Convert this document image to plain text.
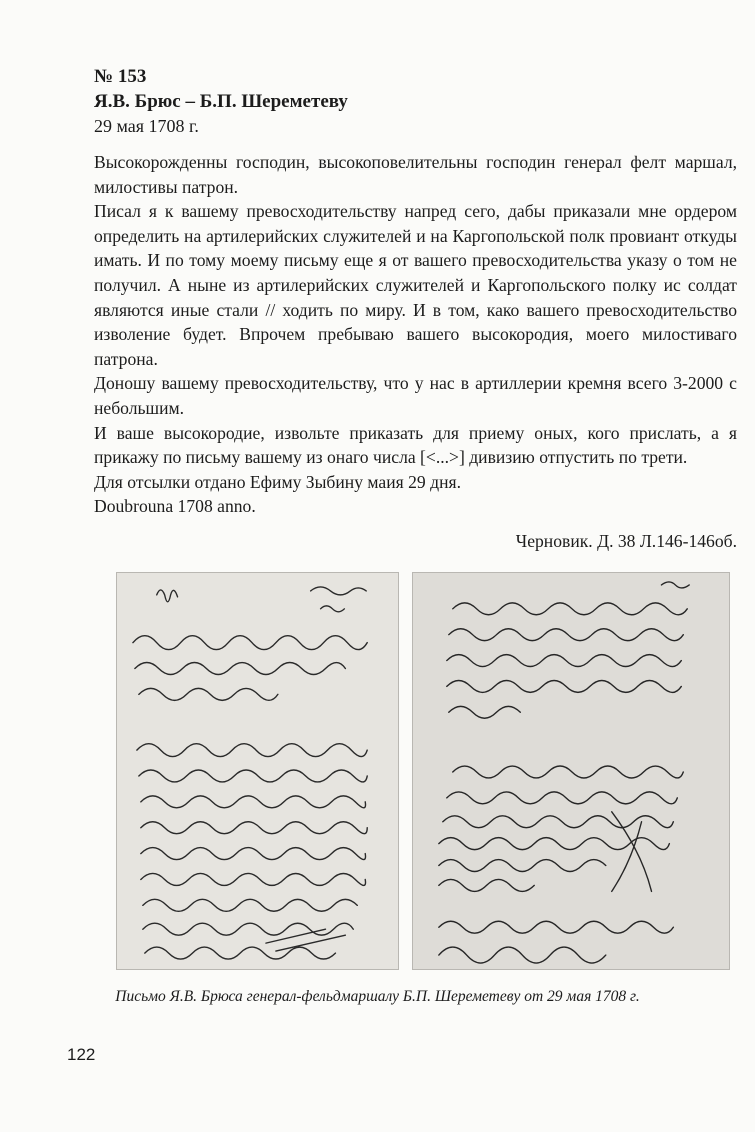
№ 153
Я.В. Брюс – Б.П. Шереметеву
29 мая 1708 г.

Высокорожденны господин, высокоповелительны господин генерал фелт маршал, милостивы патрон.

Писал я к вашему превосходительству напред сего, дабы приказали мне ордером определить на артилерийских служителей и на Каргопольской полк провиант откуды имать. И по тому моему письму еще я от вашего превосходительства указу о том не получил. А ныне из артилерийских служителей и Каргопольского полку ис солдат являются иные стали // ходить по миру. И в том, како вашего превосходительство изволение будет. Впрочем пребываю вашего высокородия, моего милостиваго патрона.

Доношу вашему превосходительству, что у нас в артиллерии кремня всего 3-2000 с небольшим.

И ваше высокородие, извольте приказать для приему оных, кого прислать, а я прикажу по письму вашему из онаго числа [<...>] дивизию отпустить по трети.

Для отсылки отдано Ефиму Зыбину маия 29 дня.

Doubrouna 1708 anno.

Черновик. Д. 38 Л.146-146об.
Письмо Я.В. Брюса генерал-фельдмаршалу Б.П. Шереметеву от 29 мая 1708 г.
122
